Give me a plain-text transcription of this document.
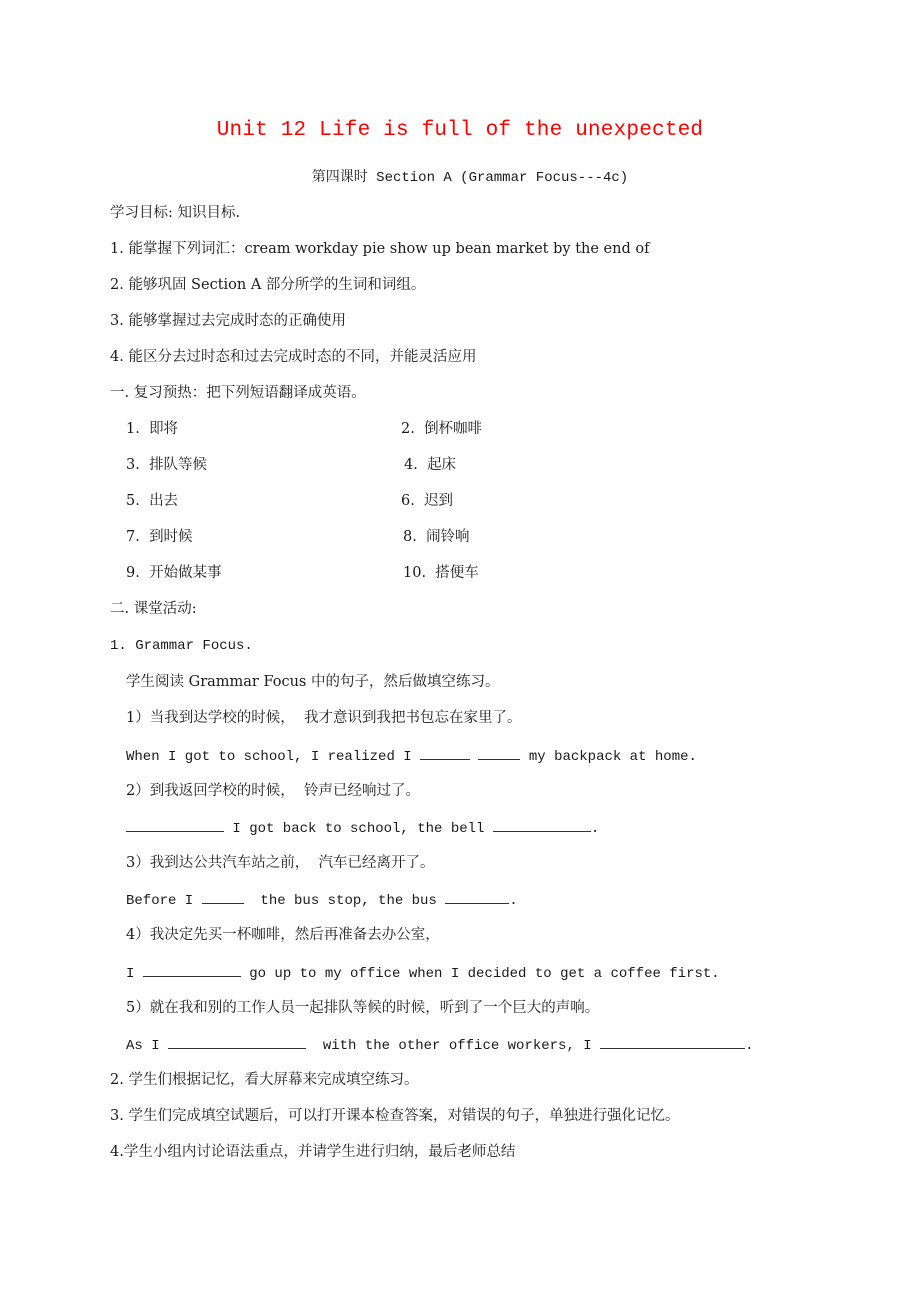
Unit 12 Life is full of the unexpected
第四课时 Section A (Grammar Focus---4c)
学习目标: 知识目标.
1. 能掌握下列词汇：cream workday pie show up bean market by the end of
2. 能够巩固 Section A 部分所学的生词和词组。
3. 能够掌握过去完成时态的正确使用
4. 能区分去过时态和过去完成时态的不同，并能灵活应用
一. 复习预热：把下列短语翻译成英语。
1. 即将	2. 倒杯咖啡
3. 排队等候	4. 起床
5. 出去	6. 迟到
7. 到时候	8. 闹铃响
9. 开始做某事	10. 搭便车
二. 课堂活动:
1. Grammar Focus.
学生阅读 Grammar Focus 中的句子，然后做填空练习。
1）当我到达学校的时候，  我才意识到我把书包忘在家里了。
When I got to school, I realized I	my backpack at home.
2）到我返回学校的时候，  铃声已经响过了。
I got back to school, the bell	.
3）我到达公共汽车站之前，  汽车已经离开了。
Before I	the bus stop, the bus	.
4）我决定先买一杯咖啡，然后再准备去办公室，
I	go up to my office when I decided to get a coffee first.
5）就在我和别的工作人员一起排队等候的时候，听到了一个巨大的声响。
As I	with the other office workers, I	.
2. 学生们根据记忆，看大屏幕来完成填空练习。
3. 学生们完成填空试题后，可以打开课本检查答案，对错误的句子，单独进行强化记忆。
4.学生小组内讨论语法重点，并请学生进行归纳，最后老师总结
